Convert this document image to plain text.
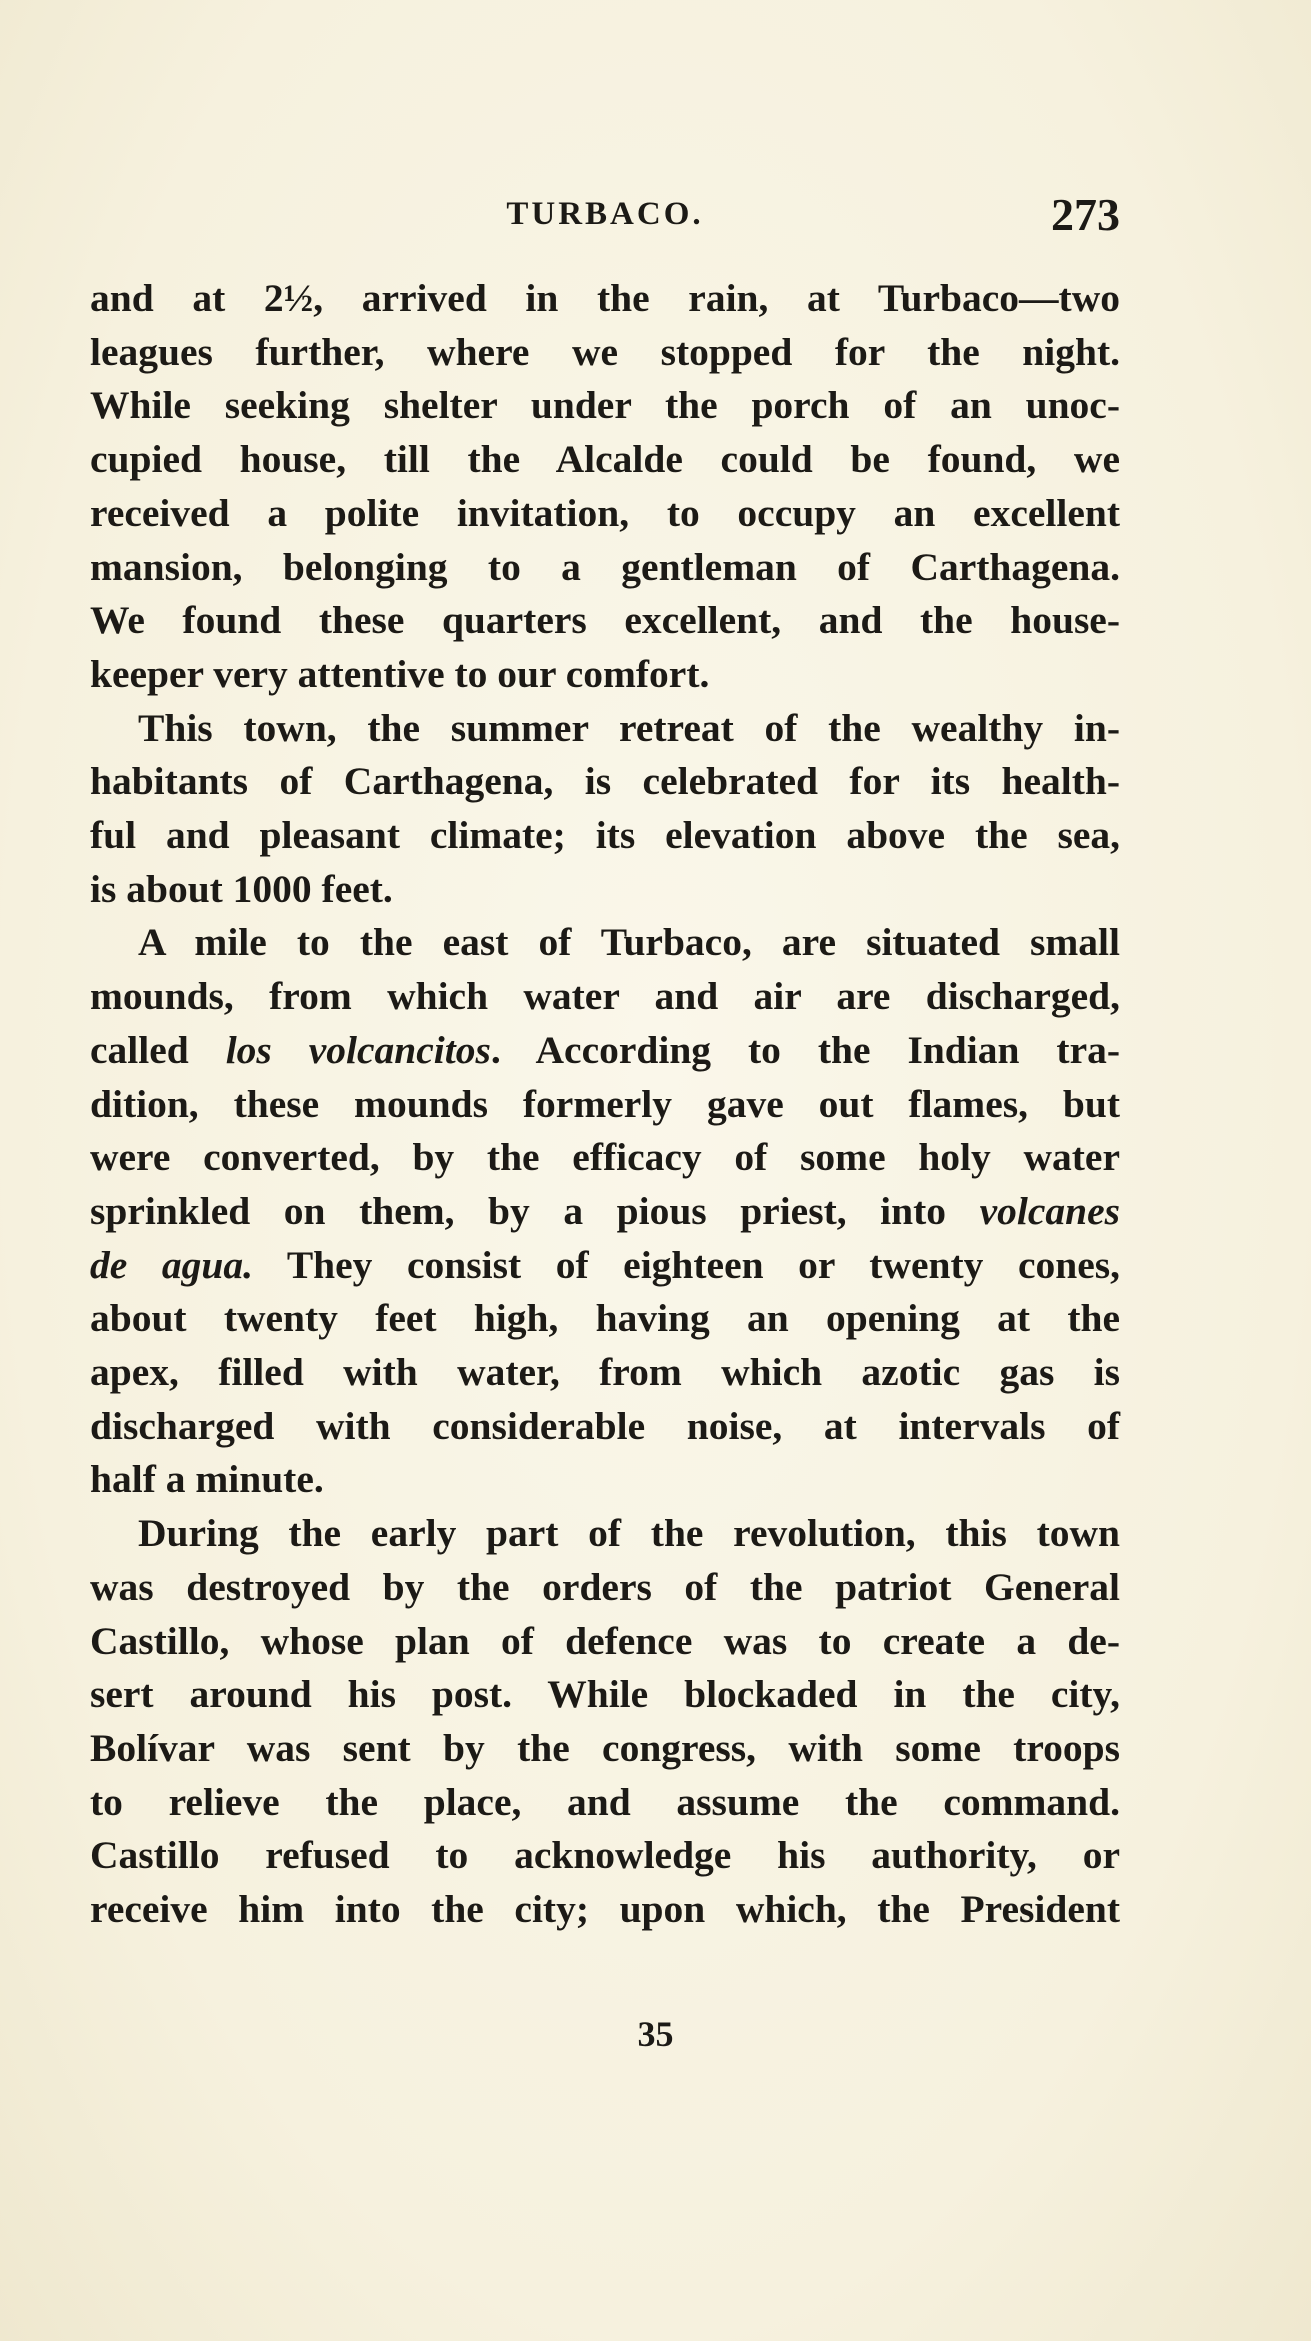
TURBACO.	273

and at 2½, arrived in the rain, at Turbaco—two
leagues further, where we stopped for the night.
While seeking shelter under the porch of an unoc-
cupied house, till the Alcalde could be found, we
received a polite invitation, to occupy an excellent
mansion, belonging to a gentleman of Carthagena.
We found these quarters excellent, and the house-
keeper very attentive to our comfort.

This town, the summer retreat of the wealthy in-
habitants of Carthagena, is celebrated for its health-
ful and pleasant climate; its elevation above the sea,
is about 1000 feet.

A mile to the east of Turbaco, are situated small
mounds, from which water and air are discharged,
called los volcancitos. According to the Indian tra-
dition, these mounds formerly gave out flames, but
were converted, by the efficacy of some holy water
sprinkled on them, by a pious priest, into volcanes
de agua. They consist of eighteen or twenty cones,
about twenty feet high, having an opening at the
apex, filled with water, from which azotic gas is
discharged with considerable noise, at intervals of
half a minute.

During the early part of the revolution, this town
was destroyed by the orders of the patriot General
Castillo, whose plan of defence was to create a de-
sert around his post. While blockaded in the city,
Bolívar was sent by the congress, with some troops
to relieve the place, and assume the command.
Castillo refused to acknowledge his authority, or
receive him into the city; upon which, the President

35
